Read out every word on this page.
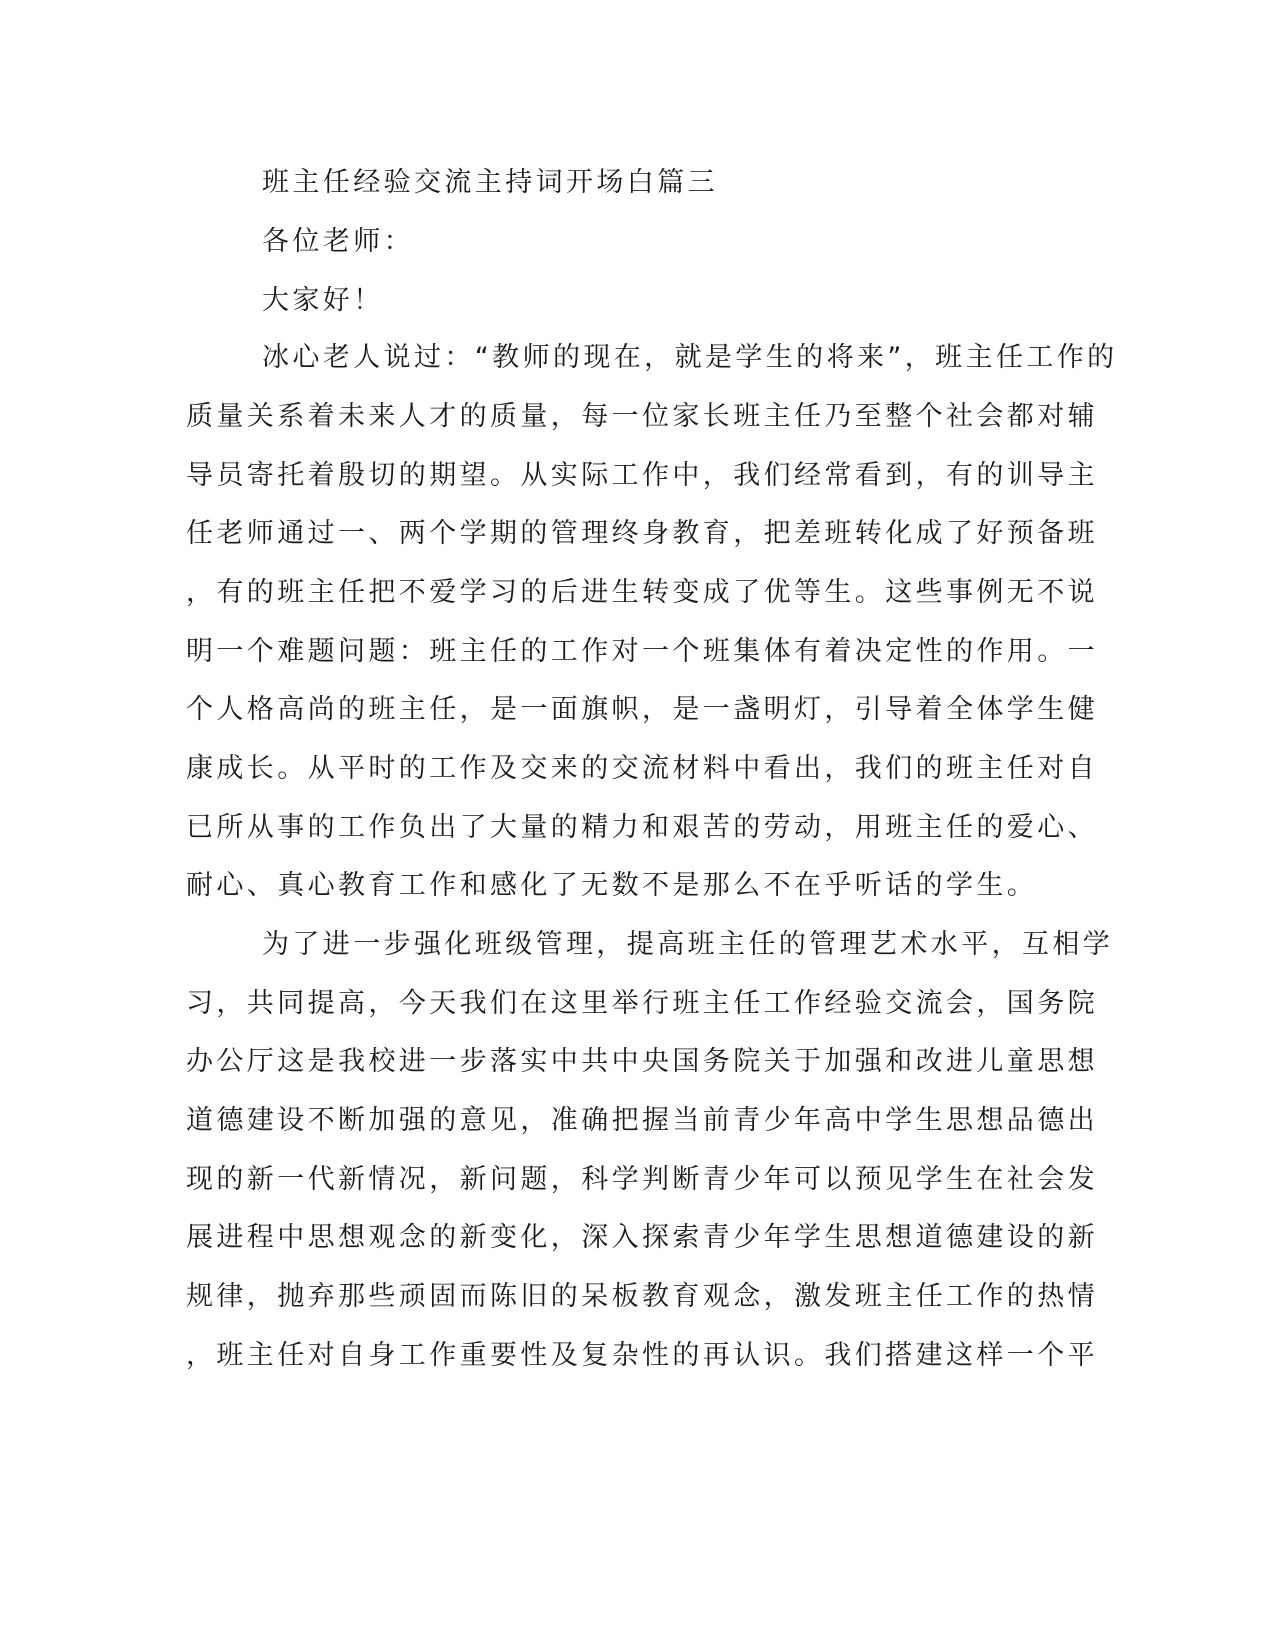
班主任经验交流主持词开场白篇三
各位老师：
大家好！
冰心老人说过：“教师的现在，就是学生的将来”，班主任工作的
质量关系着未来人才的质量，每一位家长班主任乃至整个社会都对辅
导员寄托着殷切的期望。从实际工作中，我们经常看到，有的训导主
任老师通过一、两个学期的管理终身教育，把差班转化成了好预备班
，有的班主任把不爱学习的后进生转变成了优等生。这些事例无不说
明一个难题问题：班主任的工作对一个班集体有着决定性的作用。一
个人格高尚的班主任，是一面旗帜，是一盏明灯，引导着全体学生健
康成长。从平时的工作及交来的交流材料中看出，我们的班主任对自
已所从事的工作负出了大量的精力和艰苦的劳动，用班主任的爱心、
耐心、真心教育工作和感化了无数不是那么不在乎听话的学生。
为了进一步强化班级管理，提高班主任的管理艺术水平，互相学
习，共同提高，今天我们在这里举行班主任工作经验交流会，国务院
办公厅这是我校进一步落实中共中央国务院关于加强和改进儿童思想
道德建设不断加强的意见，准确把握当前青少年高中学生思想品德出
现的新一代新情况，新问题，科学判断青少年可以预见学生在社会发
展进程中思想观念的新变化，深入探索青少年学生思想道德建设的新
规律，抛弃那些顽固而陈旧的呆板教育观念，激发班主任工作的热情
，班主任对自身工作重要性及复杂性的再认识。我们搭建这样一个平
